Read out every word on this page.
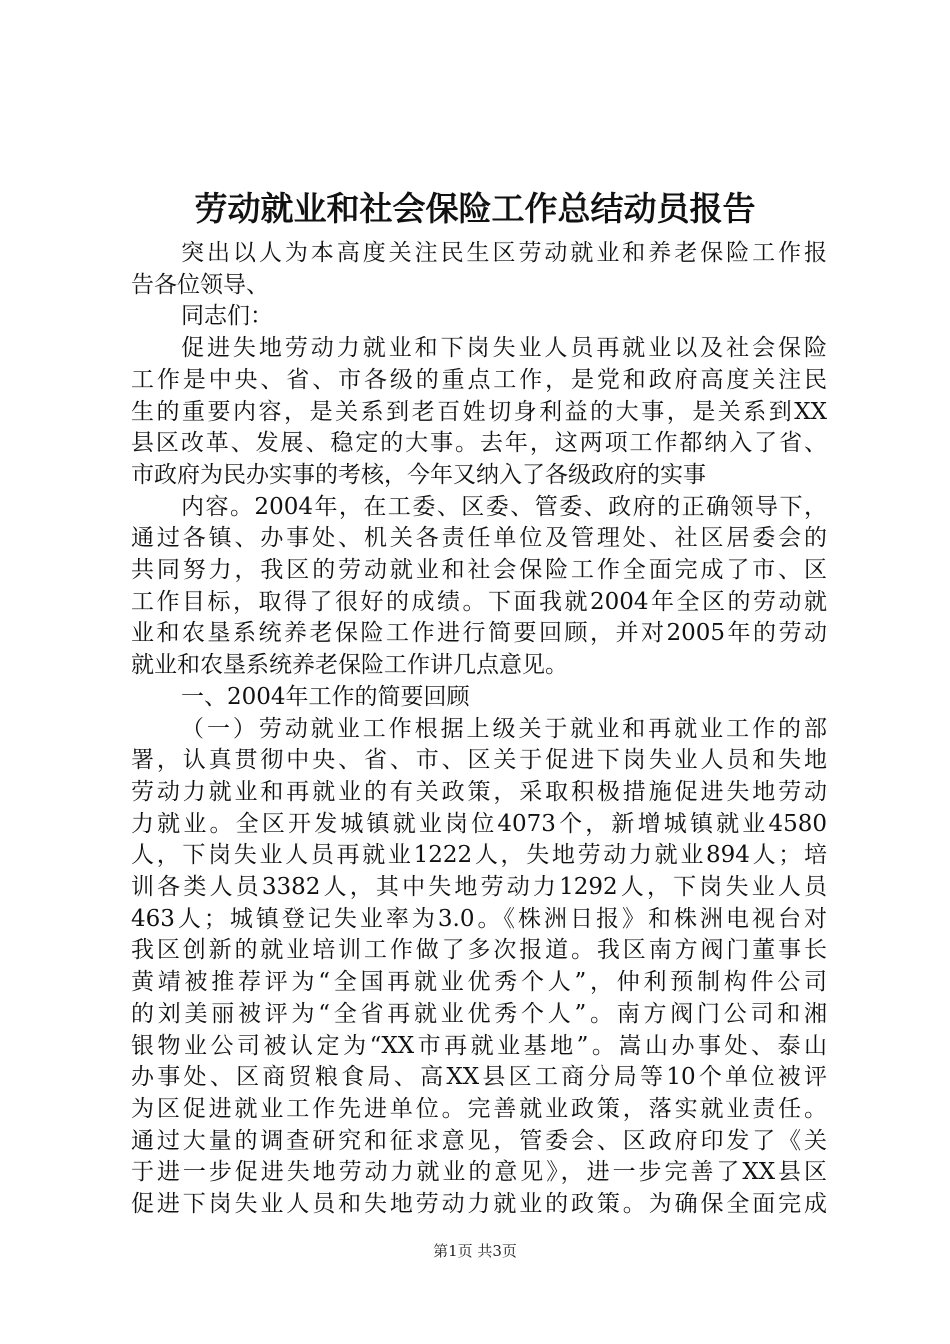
劳动就业和社会保险工作总结动员报告
突出以人为本高度关注民生区劳动就业和养老保险工作报
告各位领导、
同志们：
促进失地劳动力就业和下岗失业人员再就业以及社会保险
工作是中央、省、市各级的重点工作，是党和政府高度关注民
生的重要内容，是关系到老百姓切身利益的大事，是关系到XX
县区改革、发展、稳定的大事。去年，这两项工作都纳入了省、
市政府为民办实事的考核，今年又纳入了各级政府的实事
内容。2004年，在工委、区委、管委、政府的正确领导下，
通过各镇、办事处、机关各责任单位及管理处、社区居委会的
共同努力，我区的劳动就业和社会保险工作全面完成了市、区
工作目标，取得了很好的成绩。下面我就2004年全区的劳动就
业和农垦系统养老保险工作进行简要回顾，并对2005年的劳动
就业和农垦系统养老保险工作讲几点意见。
一、2004年工作的简要回顾
（一）劳动就业工作根据上级关于就业和再就业工作的部
署，认真贯彻中央、省、市、区关于促进下岗失业人员和失地
劳动力就业和再就业的有关政策，采取积极措施促进失地劳动
力就业。全区开发城镇就业岗位4073个，新增城镇就业4580
人，下岗失业人员再就业1222人，失地劳动力就业894人；培
训各类人员3382人，其中失地劳动力1292人，下岗失业人员
463人；城镇登记失业率为3.0。《株洲日报》和株洲电视台对
我区创新的就业培训工作做了多次报道。我区南方阀门董事长
黄靖被推荐评为“全国再就业优秀个人”，仲利预制构件公司
的刘美丽被评为“全省再就业优秀个人”。南方阀门公司和湘
银物业公司被认定为“XX市再就业基地”。嵩山办事处、泰山
办事处、区商贸粮食局、高XX县区工商分局等10个单位被评
为区促进就业工作先进单位。完善就业政策，落实就业责任。
通过大量的调查研究和征求意见，管委会、区政府印发了《关
于进一步促进失地劳动力就业的意见》，进一步完善了XX县区
促进下岗失业人员和失地劳动力就业的政策。为确保全面完成
第1页 共3页
